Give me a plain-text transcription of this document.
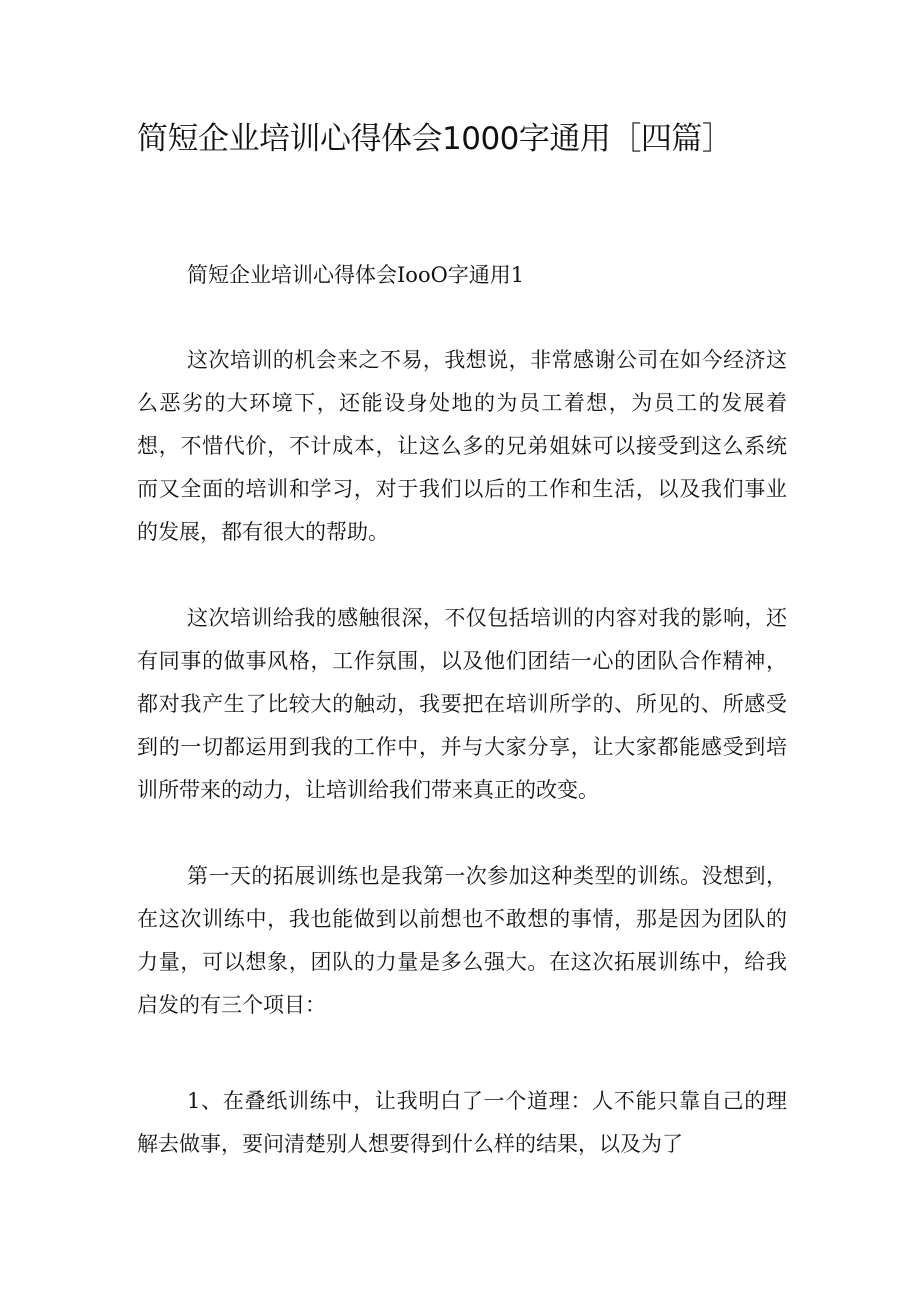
简短企业培训心得体会1000字通用［四篇］
简短企业培训心得体会IooO字通用1

这次培训的机会来之不易，我想说，非常感谢公司在如今经济这么恶劣的大环境下，还能设身处地的为员工着想，为员工的发展着想，不惜代价，不计成本，让这么多的兄弟姐妹可以接受到这么系统而又全面的培训和学习，对于我们以后的工作和生活，以及我们事业的发展，都有很大的帮助。

这次培训给我的感触很深，不仅包括培训的内容对我的影响，还有同事的做事风格，工作氛围，以及他们团结一心的团队合作精神，都对我产生了比较大的触动，我要把在培训所学的、所见的、所感受到的一切都运用到我的工作中，并与大家分享，让大家都能感受到培训所带来的动力，让培训给我们带来真正的改变。

第一天的拓展训练也是我第一次参加这种类型的训练。没想到，在这次训练中，我也能做到以前想也不敢想的事情，那是因为团队的力量，可以想象，团队的力量是多么强大。在这次拓展训练中，给我启发的有三个项目：

1、在叠纸训练中，让我明白了一个道理：人不能只靠自己的理解去做事，要问清楚别人想要得到什么样的结果，以及为了
